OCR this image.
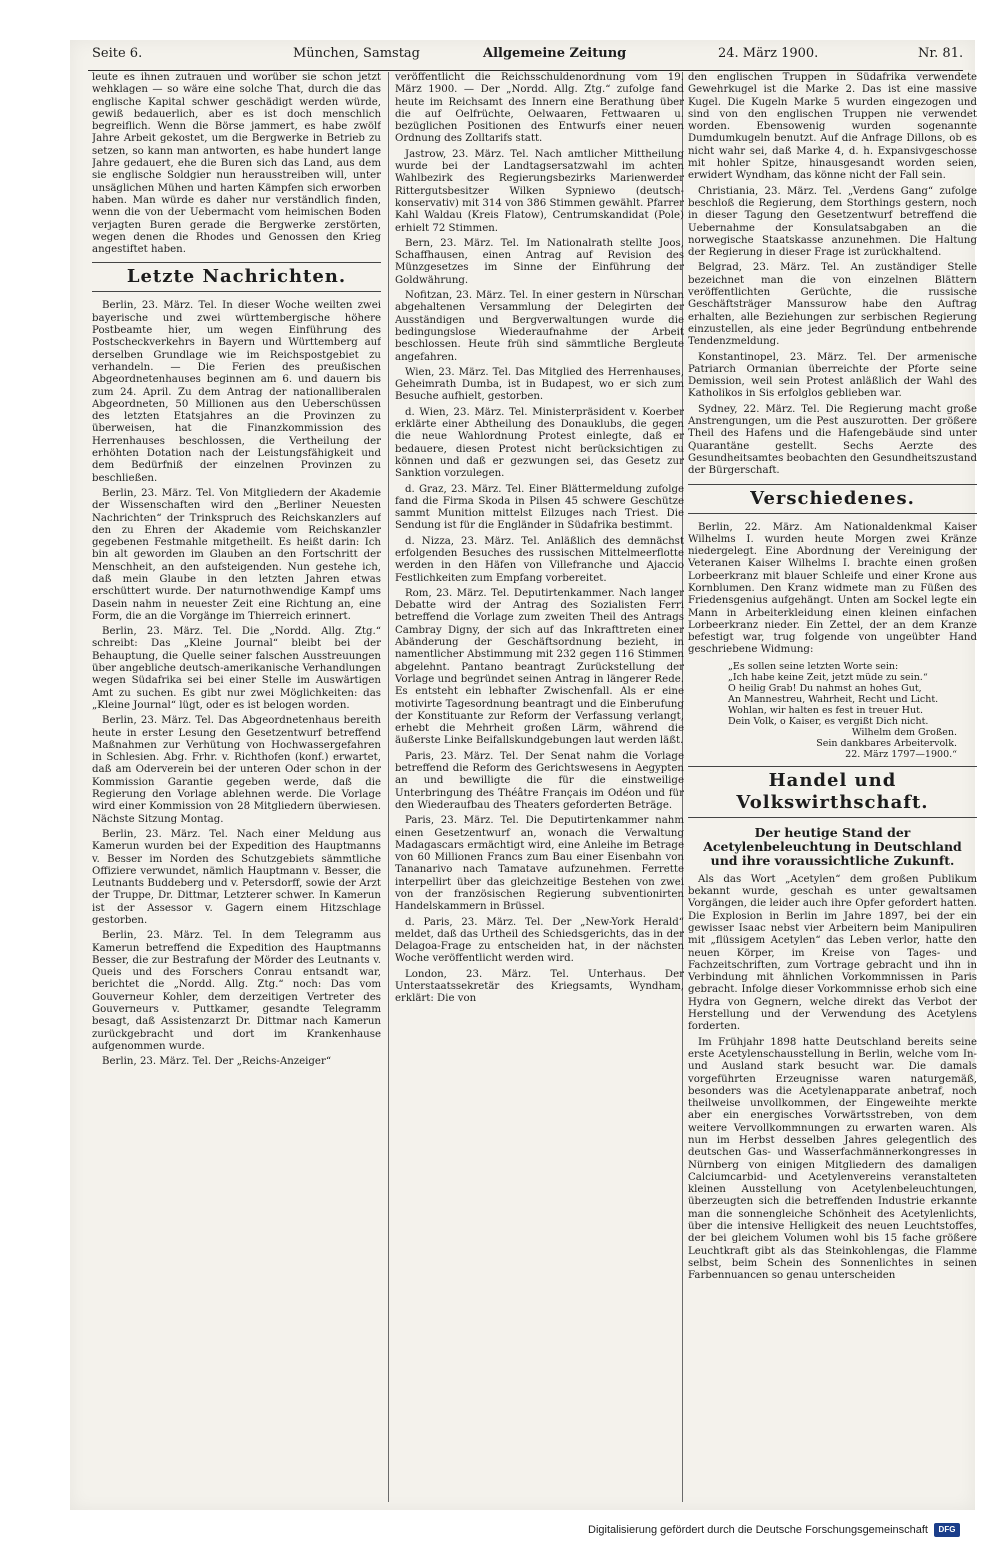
Seite 6.	München, Samstag	Allgemeine Zeitung	24. März 1900.	Nr. 81.

leute es ihnen zutrauen und worüber sie schon jetzt wehklagen — so wäre eine solche That, durch die das englische Kapital schwer geschädigt werden würde, gewiß bedauerlich, aber es ist doch menschlich begreiflich. Wenn die Börse jammert, es habe zwölf Jahre Arbeit gekostet, um die Bergwerke in Betrieb zu setzen, so kann man antworten, es habe hundert lange Jahre gedauert, ehe die Buren sich das Land, aus dem sie englische Soldgier nun herausstreiben will, unter unsäglichen Mühen und harten Kämpfen sich erworben haben. Man würde es daher nur verständlich finden, wenn die von der Uebermacht vom heimischen Boden verjagten Buren gerade die Bergwerke zerstörten, wegen denen die Rhodes und Genossen den Krieg angestiftet haben.

Letzte Nachrichten.

Berlin, 23. März. Tel. In dieser Woche weilten zwei bayerische und zwei württembergische höhere Postbeamte hier, um wegen Einführung des Postscheckverkehrs in Bayern und Württemberg auf derselben Grundlage wie im Reichspostgebiet zu verhandeln. — Die Ferien des preußischen Abgeordnetenhauses beginnen am 6. und dauern bis zum 24. April. Zu dem Antrag der nationalliberalen Abgeordneten, 50 Millionen aus den Ueberschüssen des letzten Etatsjahres an die Provinzen zu überweisen, hat die Finanzkommission des Herrenhauses beschlossen, die Vertheilung der erhöhten Dotation nach der Leistungsfähigkeit und dem Bedürfniß der einzelnen Provinzen zu beschließen.

Berlin, 23. März. Tel. Von Mitgliedern der Akademie der Wissenschaften wird den „Berliner Neuesten Nachrichten“ der Trinkspruch des Reichskanzlers auf den zu Ehren der Akademie vom Reichskanzler gegebenen Festmahle mitgetheilt. Es heißt darin: Ich bin alt geworden im Glauben an den Fortschritt der Menschheit, an den aufsteigenden. Nun gestehe ich, daß mein Glaube in den letzten Jahren etwas erschüttert wurde. Der naturnothwendige Kampf ums Dasein nahm in neuester Zeit eine Richtung an, eine Form, die an die Vorgänge im Thierreich erinnert.

Berlin, 23. März. Tel. Die „Nordd. Allg. Ztg.“ schreibt: Das „Kleine Journal“ bleibt bei der Behauptung, die Quelle seiner falschen Ausstreuungen über angebliche deutsch-amerikanische Verhandlungen wegen Südafrika sei bei einer Stelle im Auswärtigen Amt zu suchen. Es gibt nur zwei Möglichkeiten: das „Kleine Journal“ lügt, oder es ist belogen worden.

Berlin, 23. März. Tel. Das Abgeordnetenhaus bereith heute in erster Lesung den Gesetzentwurf betreffend Maßnahmen zur Verhütung von Hochwassergefahren in Schlesien. Abg. Frhr. v. Richthofen (konf.) erwartet, daß am Oderverein bei der unteren Oder schon in der Kommission Garantie gegeben werde, daß die Regierung den Vorlage ablehnen werde. Die Vorlage wird einer Kommission von 28 Mitgliedern überwiesen. Nächste Sitzung Montag.

Berlin, 23. März. Tel. Nach einer Meldung aus Kamerun wurden bei der Expedition des Hauptmanns v. Besser im Norden des Schutzgebiets sämmtliche Offiziere verwundet, nämlich Hauptmann v. Besser, die Leutnants Buddeberg und v. Petersdorff, sowie der Arzt der Truppe, Dr. Dittmar, Letzterer schwer. In Kamerun ist der Assessor v. Gagern einem Hitzschlage gestorben.

Berlin, 23. März. Tel. In dem Telegramm aus Kamerun betreffend die Expedition des Hauptmanns Besser, die zur Bestrafung der Mörder des Leutnants v. Queis und des Forschers Conrau entsandt war, berichtet die „Nordd. Allg. Ztg.“ noch: Das vom Gouverneur Kohler, dem derzeitigen Vertreter des Gouverneurs v. Puttkamer, gesandte Telegramm besagt, daß Assistenzarzt Dr. Dittmar nach Kamerun zurückgebracht und dort im Krankenhause aufgenommen wurde.

Berlin, 23. März. Tel. Der „Reichs-Anzeiger“

veröffentlicht die Reichsschuldenordnung vom 19. März 1900. — Der „Nordd. Allg. Ztg.“ zufolge fand heute im Reichsamt des Innern eine Berathung über die auf Oelfrüchte, Oelwaaren, Fettwaaren u. bezüglichen Positionen des Entwurfs einer neuen Ordnung des Zolltarifs statt.

Jastrow, 23. März. Tel. Nach amtlicher Mittheilung wurde bei der Landtagsersatzwahl im achten Wahlbezirk des Regierungsbezirks Marienwerder Rittergutsbesitzer Wilken Sypniewo (deutsch-konservativ) mit 314 von 386 Stimmen gewählt. Pfarrer Kahl Waldau (Kreis Flatow), Centrumskandidat (Pole) erhielt 72 Stimmen.

Bern, 23. März. Tel. Im Nationalrath stellte Joos, Schaffhausen, einen Antrag auf Revision des Münzgesetzes im Sinne der Einführung der Goldwährung.

Nofitzan, 23. März. Tel. In einer gestern in Nürschan abgehaltenen Versammlung der Delegirten der Ausständigen und Bergverwaltungen wurde die bedingungslose Wiederaufnahme der Arbeit beschlossen. Heute früh sind sämmtliche Bergleute angefahren.

Wien, 23. März. Tel. Das Mitglied des Herrenhauses, Geheimrath Dumba, ist in Budapest, wo er sich zum Besuche aufhielt, gestorben.

d. Wien, 23. März. Tel. Ministerpräsident v. Koerber erklärte einer Abtheilung des Donauklubs, die gegen die neue Wahlordnung Protest einlegte, daß er bedauere, diesen Protest nicht berücksichtigen zu können und daß er gezwungen sei, das Gesetz zur Sanktion vorzulegen.

d. Graz, 23. März. Tel. Einer Blättermeldung zufolge fand die Firma Skoda in Pilsen 45 schwere Geschütze sammt Munition mittelst Eilzuges nach Triest. Die Sendung ist für die Engländer in Südafrika bestimmt.

d. Nizza, 23. März. Tel. Anläßlich des demnächst erfolgenden Besuches des russischen Mittelmeerflotte werden in den Häfen von Villefranche und Ajaccio Festlichkeiten zum Empfang vorbereitet.

Rom, 23. März. Tel. Deputirtenkammer. Nach langer Debatte wird der Antrag des Sozialisten Ferri betreffend die Vorlage zum zweiten Theil des Antrags Cambray Digny, der sich auf das Inkrafttreten einer Abänderung der Geschäftsordnung bezieht, in namentlicher Abstimmung mit 232 gegen 116 Stimmen abgelehnt. Pantano beantragt Zurückstellung der Vorlage und begründet seinen Antrag in längerer Rede. Es entsteht ein lebhafter Zwischenfall. Als er eine motivirte Tagesordnung beantragt und die Einberufung der Konstituante zur Reform der Verfassung verlangt, erhebt die Mehrheit großen Lärm, während die äußerste Linke Beifallskundgebungen laut werden läßt.

Paris, 23. März. Tel. Der Senat nahm die Vorlage betreffend die Reform des Gerichtswesens in Aegypten an und bewilligte die für die einstweilige Unterbringung des Théâtre Français im Odéon und für den Wiederaufbau des Theaters geforderten Beträge.

Paris, 23. März. Tel. Die Deputirtenkammer nahm einen Gesetzentwurf an, wonach die Verwaltung Madagascars ermächtigt wird, eine Anleihe im Betrage von 60 Millionen Francs zum Bau einer Eisenbahn von Tananarivo nach Tamatave aufzunehmen. Ferrette interpellirt über das gleichzeitige Bestehen von zwei von der französischen Regierung subventionirten Handelskammern in Brüssel.

d. Paris, 23. März. Tel. Der „New-York Herald“ meldet, daß das Urtheil des Schiedsgerichts, das in der Delagoa-Frage zu entscheiden hat, in der nächsten Woche veröffentlicht werden wird.

London, 23. März. Tel. Unterhaus. Der Unterstaatssekretär des Kriegsamts, Wyndham, erklärt: Die von

den englischen Truppen in Südafrika verwendete Gewehrkugel ist die Marke 2. Das ist eine massive Kugel. Die Kugeln Marke 5 wurden eingezogen und sind von den englischen Truppen nie verwendet worden. Ebensowenig wurden sogenannte Dumdumkugeln benutzt. Auf die Anfrage Dillons, ob es nicht wahr sei, daß Marke 4, d. h. Expansivgeschosse mit hohler Spitze, hinausgesandt worden seien, erwidert Wyndham, das könne nicht der Fall sein.

Christiania, 23. März. Tel. „Verdens Gang“ zufolge beschloß die Regierung, dem Storthings gestern, noch in dieser Tagung den Gesetzentwurf betreffend die Uebernahme der Konsulatsabgaben an die norwegische Staatskasse anzunehmen. Die Haltung der Regierung in dieser Frage ist zurückhaltend.

Belgrad, 23. März. Tel. An zuständiger Stelle bezeichnet man die von einzelnen Blättern veröffentlichten Gerüchte, die russische Geschäftsträger Manssurow habe den Auftrag erhalten, alle Beziehungen zur serbischen Regierung einzustellen, als eine jeder Begründung entbehrende Tendenzmeldung.

Konstantinopel, 23. März. Tel. Der armenische Patriarch Ormanian überreichte der Pforte seine Demission, weil sein Protest anläßlich der Wahl des Katholikos in Sis erfolglos geblieben war.

Sydney, 22. März. Tel. Die Regierung macht große Anstrengungen, um die Pest auszurotten. Der größere Theil des Hafens und die Hafengebäude sind unter Quarantäne gestellt. Sechs Aerzte des Gesundheitsamtes beobachten den Gesundheitszustand der Bürgerschaft.

Verschiedenes.

Berlin, 22. März. Am Nationaldenkmal Kaiser Wilhelms I. wurden heute Morgen zwei Kränze niedergelegt. Eine Abordnung der Vereinigung der Veteranen Kaiser Wilhelms I. brachte einen großen Lorbeerkranz mit blauer Schleife und einer Krone aus Kornblumen. Den Kranz widmete man zu Füßen des Friedensgenius aufgehängt. Unten am Sockel legte ein Mann in Arbeiterkleidung einen kleinen einfachen Lorbeerkranz nieder. Ein Zettel, der an dem Kranze befestigt war, trug folgende von ungeübter Hand geschriebene Widmung:

„Es sollen seine letzten Worte sein:
„Ich habe keine Zeit, jetzt müde zu sein.“
O heilig Grab! Du nahmst an hohes Gut,
An Mannestreu, Wahrheit, Recht und Licht.
Wohlan, wir halten es fest in treuer Hut.
Dein Volk, o Kaiser, es vergißt Dich nicht.
Wilhelm dem Großen.
Sein dankbares Arbeitervolk.
22. März 1797—1900.“
Handel und Volkswirthschaft.
Der heutige Stand der Acetylenbeleuchtung in Deutschland und ihre voraussichtliche Zukunft.

Als das Wort „Acetylen“ dem großen Publikum bekannt wurde, geschah es unter gewaltsamen Vorgängen, die leider auch ihre Opfer gefordert hatten. Die Explosion in Berlin im Jahre 1897, bei der ein gewisser Isaac nebst vier Arbeitern beim Manipuliren mit „flüssigem Acetylen“ das Leben verlor, hatte den neuen Körper, im Kreise von Tages- und Fachzeitschriften, zum Vortrage gebracht und ihn in Verbindung mit ähnlichen Vorkommnissen in Paris gebracht. Infolge dieser Vorkommnisse erhob sich eine Hydra von Gegnern, welche direkt das Verbot der Herstellung und der Verwendung des Acetylens forderten.

Im Frühjahr 1898 hatte Deutschland bereits seine erste Acetylenschausstellung in Berlin, welche vom In- und Ausland stark besucht war. Die damals vorgeführten Erzeugnisse waren naturgemäß, besonders was die Acetylenapparate anbetraf, noch theilweise unvollkommen, der Eingeweihte merkte aber ein energisches Vorwärtsstreben, von dem weitere Vervollkommnungen zu erwarten waren. Als nun im Herbst desselben Jahres gelegentlich des deutschen Gas- und Wasserfachmännerkongresses in Nürnberg von einigen Mitgliedern des damaligen Calciumcarbid- und Acetylenvereins veranstalteten kleinen Ausstellung von Acetylenbeleuchtungen, überzeugten sich die betreffenden Industrie erkannte man die sonnengleiche Schönheit des Acetylenlichts, über die intensive Helligkeit des neuen Leuchtstoffes, der bei gleichem Volumen wohl bis 15 fache größere Leuchtkraft gibt als das Steinkohlengas, die Flamme selbst, beim Schein des Sonnenlichtes in seinen Farbennuancen so genau unterscheiden

Digitalisierung gefördert durch die Deutsche Forschungsgemeinschaft	DFG
